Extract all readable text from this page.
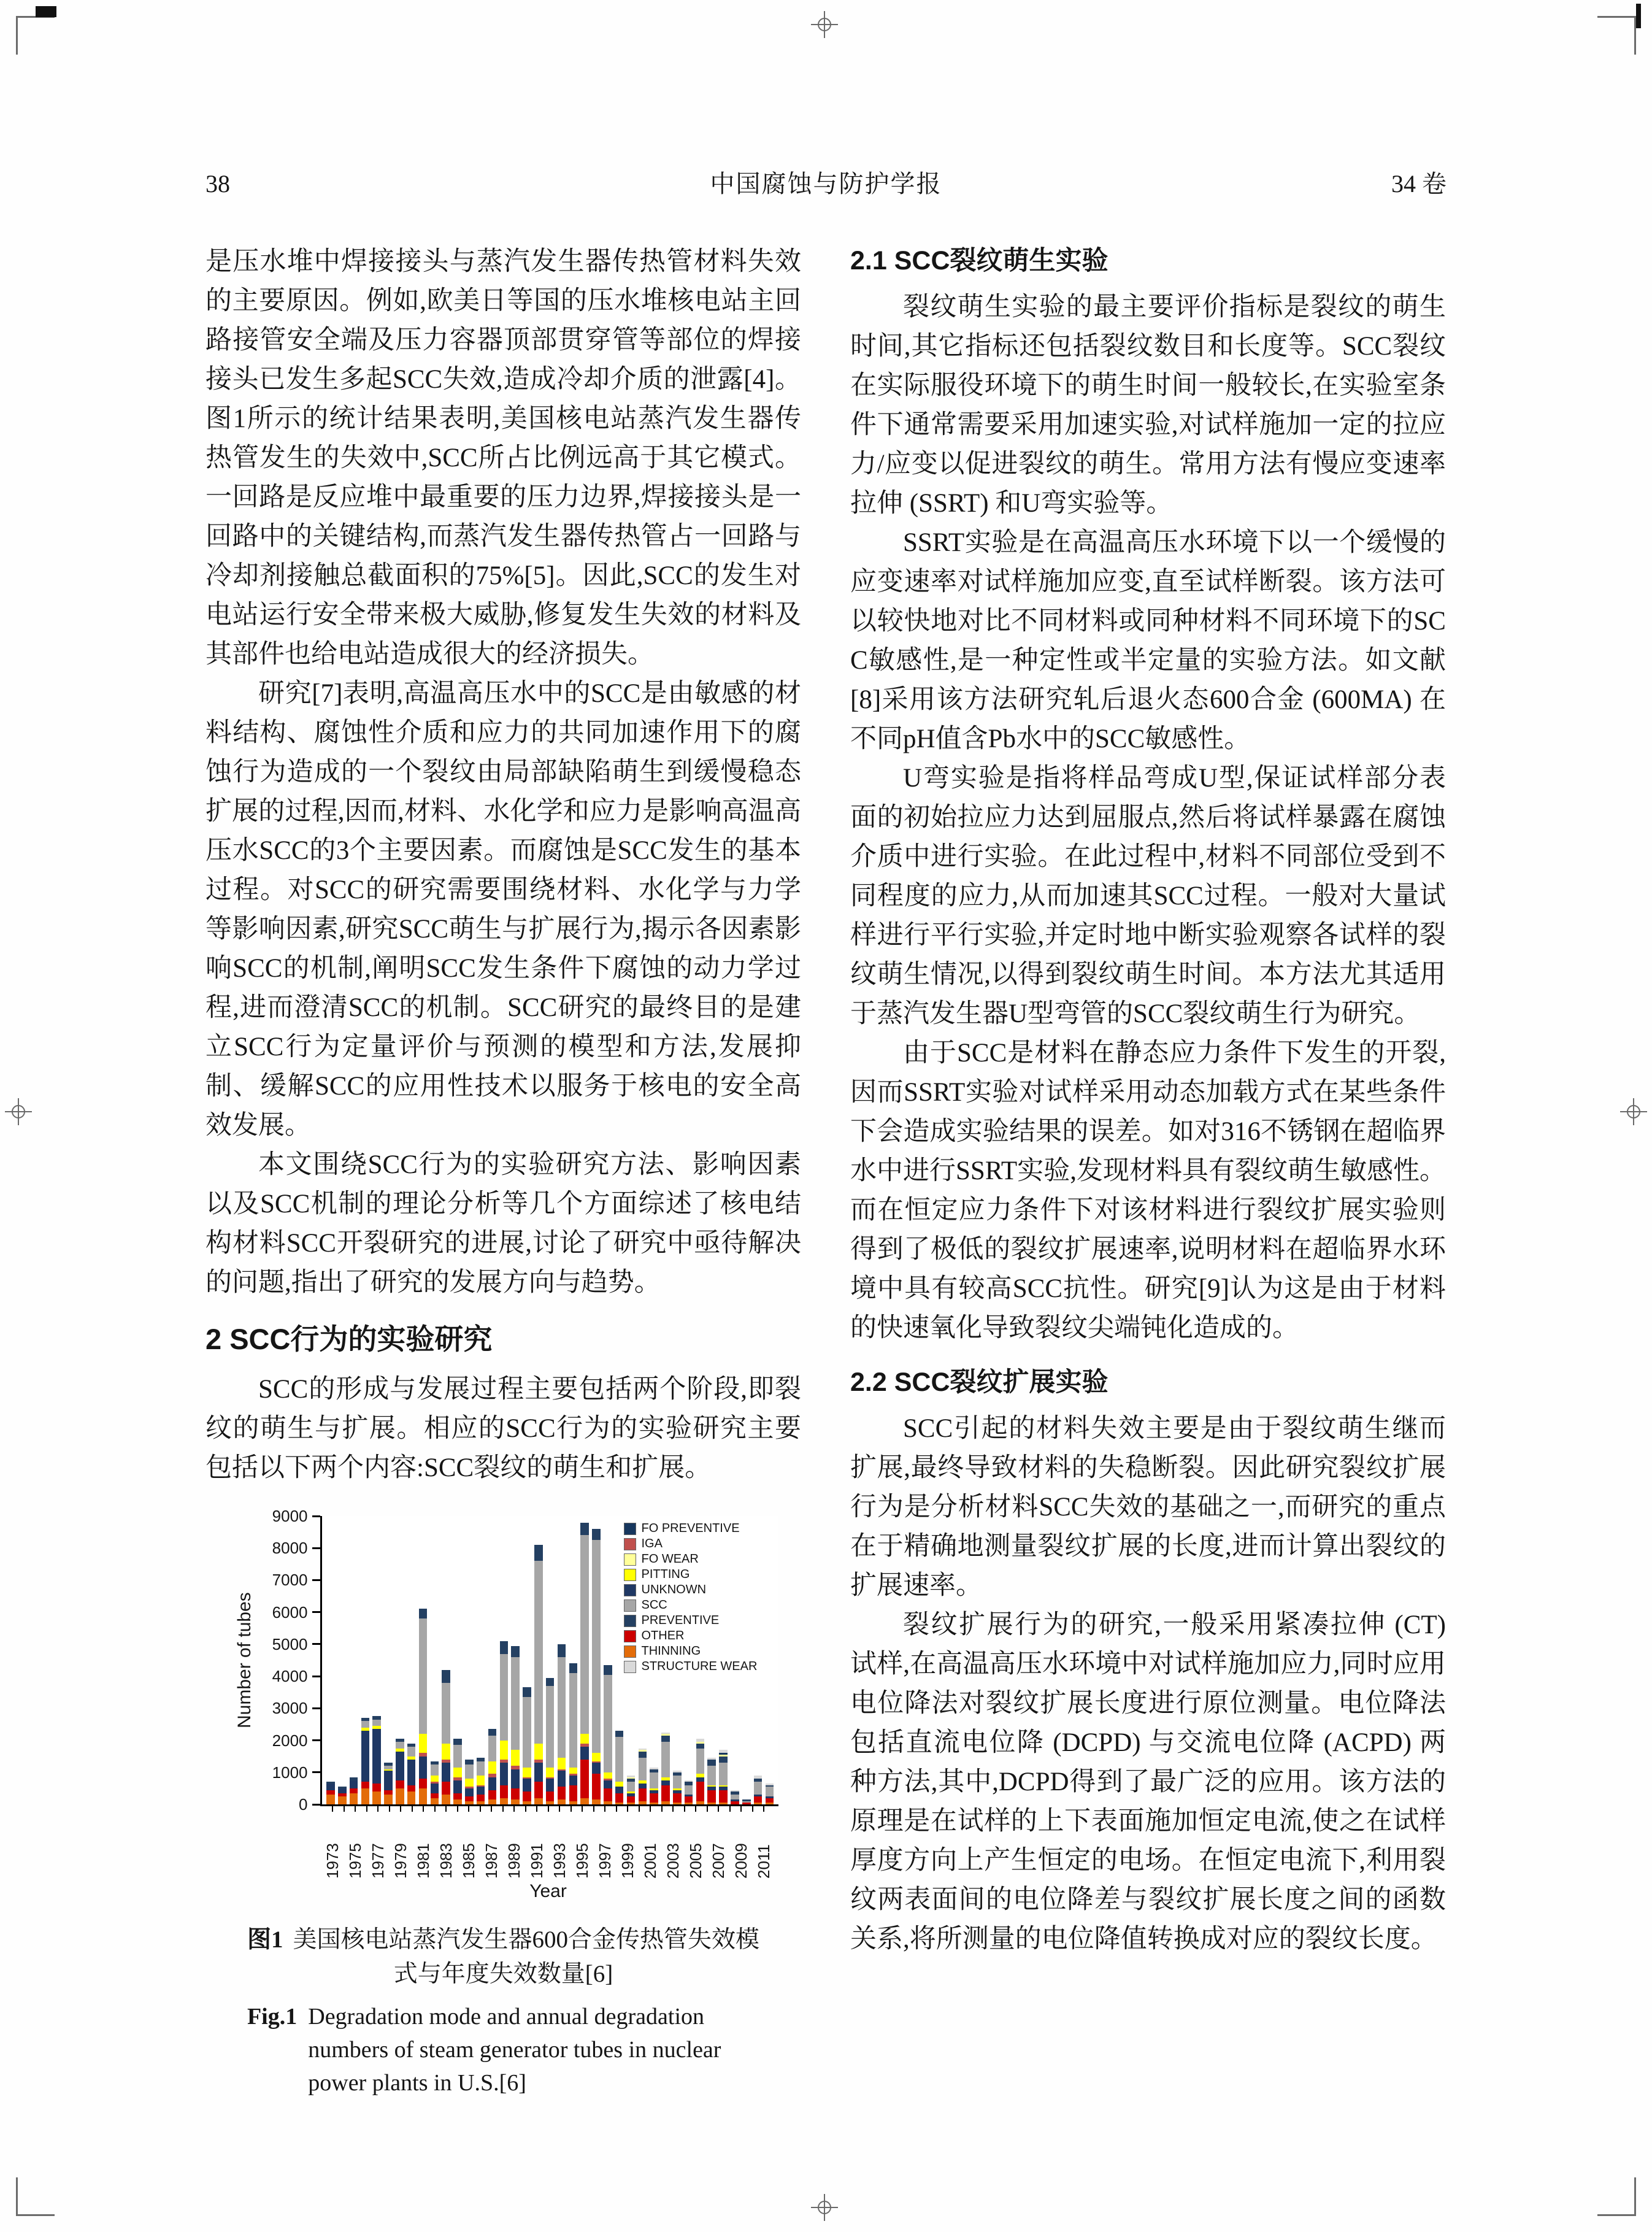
38	中国腐蚀与防护学报	34 卷

是压水堆中焊接接头与蒸汽发生器传热管材料失效的主要原因。例如,欧美日等国的压水堆核电站主回路接管安全端及压力容器顶部贯穿管等部位的焊接接头已发生多起SCC失效,造成冷却介质的泄露[4]。图1所示的统计结果表明,美国核电站蒸汽发生器传热管发生的失效中,SCC所占比例远高于其它模式。一回路是反应堆中最重要的压力边界,焊接接头是一回路中的关键结构,而蒸汽发生器传热管占一回路与冷却剂接触总截面积的75%[5]。因此,SCC的发生对电站运行安全带来极大威胁,修复发生失效的材料及其部件也给电站造成很大的经济损失。

研究[7]表明,高温高压水中的SCC是由敏感的材料结构、腐蚀性介质和应力的共同加速作用下的腐蚀行为造成的一个裂纹由局部缺陷萌生到缓慢稳态扩展的过程,因而,材料、水化学和应力是影响高温高压水SCC的3个主要因素。而腐蚀是SCC发生的基本过程。对SCC的研究需要围绕材料、水化学与力学等影响因素,研究SCC萌生与扩展行为,揭示各因素影响SCC的机制,阐明SCC发生条件下腐蚀的动力学过程,进而澄清SCC的机制。SCC研究的最终目的是建立SCC行为定量评价与预测的模型和方法,发展抑制、缓解SCC的应用性技术以服务于核电的安全高效发展。

本文围绕SCC行为的实验研究方法、影响因素以及SCC机制的理论分析等几个方面综述了核电结构材料SCC开裂研究的进展,讨论了研究中亟待解决的问题,指出了研究的发展方向与趋势。

2 SCC行为的实验研究

SCC的形成与发展过程主要包括两个阶段,即裂纹的萌生与扩展。相应的SCC行为的实验研究主要包括以下两个内容:SCC裂纹的萌生和扩展。

Number of tubes
0
1000
2000
3000
4000
5000
6000
7000
8000
9000
FO PREVENTIVE
IGA
FO WEAR
PITTING
UNKNOWN
SCC
PREVENTIVE
OTHER
THINNING
STRUCTURE WEAR
1973 1975 1977 1979 1981 1983 1985 1987 1989 1991 1993 1995 1997 1999 2001 2003 2005 2007 2009 2011
Year
图1 美国核电站蒸汽发生器600合金传热管失效模式与年度失效数量[6]
Fig.1 Degradation mode and annual degradation numbers of steam generator tubes in nuclear power plants in U.S.[6]
2.1 SCC裂纹萌生实验

裂纹萌生实验的最主要评价指标是裂纹的萌生时间,其它指标还包括裂纹数目和长度等。SCC裂纹在实际服役环境下的萌生时间一般较长,在实验室条件下通常需要采用加速实验,对试样施加一定的拉应力/应变以促进裂纹的萌生。常用方法有慢应变速率拉伸 (SSRT) 和U弯实验等。

SSRT实验是在高温高压水环境下以一个缓慢的应变速率对试样施加应变,直至试样断裂。该方法可以较快地对比不同材料或同种材料不同环境下的SCC敏感性,是一种定性或半定量的实验方法。如文献[8]采用该方法研究轧后退火态600合金 (600MA) 在不同pH值含Pb水中的SCC敏感性。

U弯实验是指将样品弯成U型,保证试样部分表面的初始拉应力达到屈服点,然后将试样暴露在腐蚀介质中进行实验。在此过程中,材料不同部位受到不同程度的应力,从而加速其SCC过程。一般对大量试样进行平行实验,并定时地中断实验观察各试样的裂纹萌生情况,以得到裂纹萌生时间。本方法尤其适用于蒸汽发生器U型弯管的SCC裂纹萌生行为研究。

由于SCC是材料在静态应力条件下发生的开裂,因而SSRT实验对试样采用动态加载方式在某些条件下会造成实验结果的误差。如对316不锈钢在超临界水中进行SSRT实验,发现材料具有裂纹萌生敏感性。而在恒定应力条件下对该材料进行裂纹扩展实验则得到了极低的裂纹扩展速率,说明材料在超临界水环境中具有较高SCC抗性。研究[9]认为这是由于材料的快速氧化导致裂纹尖端钝化造成的。

2.2 SCC裂纹扩展实验

SCC引起的材料失效主要是由于裂纹萌生继而扩展,最终导致材料的失稳断裂。因此研究裂纹扩展行为是分析材料SCC失效的基础之一,而研究的重点在于精确地测量裂纹扩展的长度,进而计算出裂纹的扩展速率。

裂纹扩展行为的研究,一般采用紧凑拉伸 (CT) 试样,在高温高压水环境中对试样施加应力,同时应用电位降法对裂纹扩展长度进行原位测量。电位降法包括直流电位降 (DCPD) 与交流电位降 (ACPD) 两种方法,其中,DCPD得到了最广泛的应用。该方法的原理是在试样的上下表面施加恒定电流,使之在试样厚度方向上产生恒定的电场。在恒定电流下,利用裂纹两表面间的电位降差与裂纹扩展长度之间的函数关系,将所测量的电位降值转换成对应的裂纹长度。
